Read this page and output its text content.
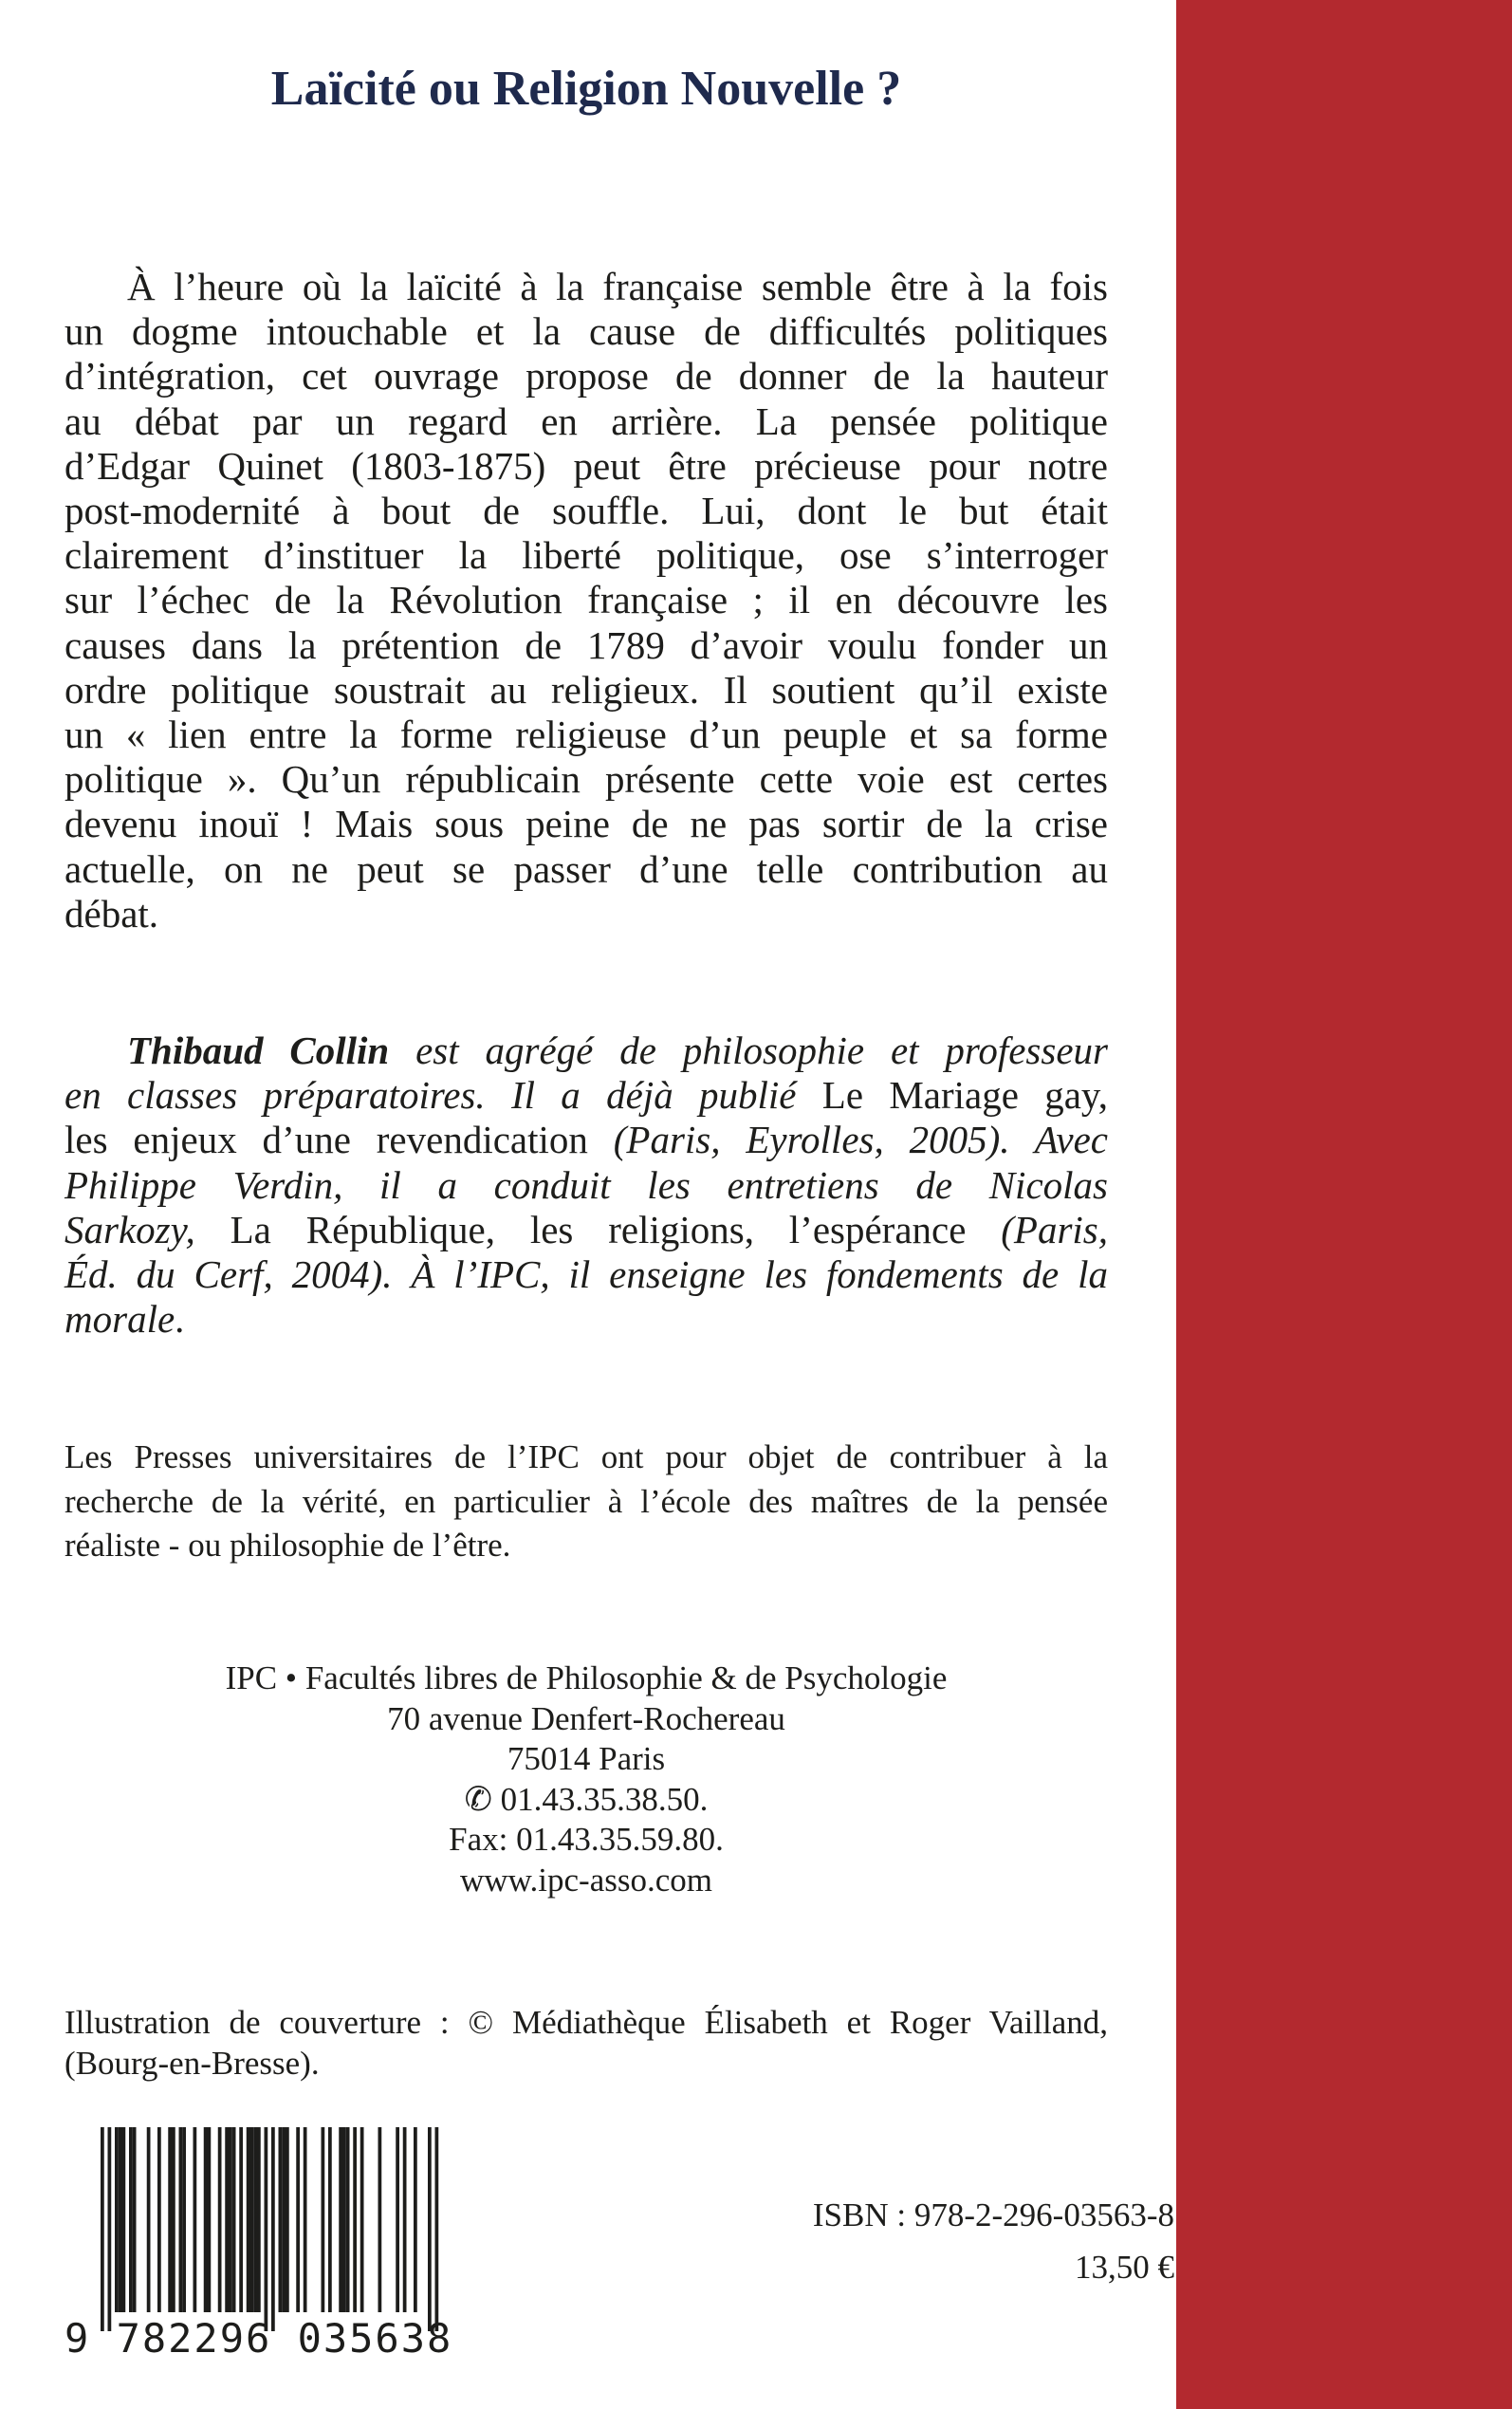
Laïcité ou Religion Nouvelle ?
À l’heure où la laïcité à la française semble être à la fois
un dogme intouchable et la cause de difficultés politiques
d’intégration, cet ouvrage propose de donner de la hauteur
au débat par un regard en arrière. La pensée politique
d’Edgar Quinet (1803-1875) peut être précieuse pour notre
post-modernité à bout de souffle. Lui, dont le but était
clairement d’instituer la liberté politique, ose s’interroger
sur l’échec de la Révolution française ; il en découvre les
causes dans la prétention de 1789 d’avoir voulu fonder un
ordre politique soustrait au religieux. Il soutient qu’il existe
un « lien entre la forme religieuse d’un peuple et sa forme
politique ». Qu’un républicain présente cette voie est certes
devenu inouï ! Mais sous peine de ne pas sortir de la crise
actuelle, on ne peut se passer d’une telle contribution au
débat.
Thibaud Collin est agrégé de philosophie et professeur
en classes préparatoires. Il a déjà publié Le Mariage gay,
les enjeux d’une revendication (Paris, Eyrolles, 2005). Avec
Philippe Verdin, il a conduit les entretiens de Nicolas
Sarkozy, La République, les religions, l’espérance (Paris,
Éd. du Cerf, 2004). À l’IPC, il enseigne les fondements de la
morale.
Les Presses universitaires de l’IPC ont pour objet de contribuer à la
recherche de la vérité, en particulier à l’école des maîtres de la pensée
réaliste - ou philosophie de l’être.
IPC • Facultés libres de Philosophie & de Psychologie
70 avenue Denfert-Rochereau
75014 Paris
✆ 01.43.35.38.50.
Fax: 01.43.35.59.80.
www.ipc-asso.com
Illustration de couverture : © Médiathèque Élisabeth et Roger Vailland,
(Bourg-en-Bresse).
9 782296 035638
ISBN : 978-2-296-03563-8
13,50 €
